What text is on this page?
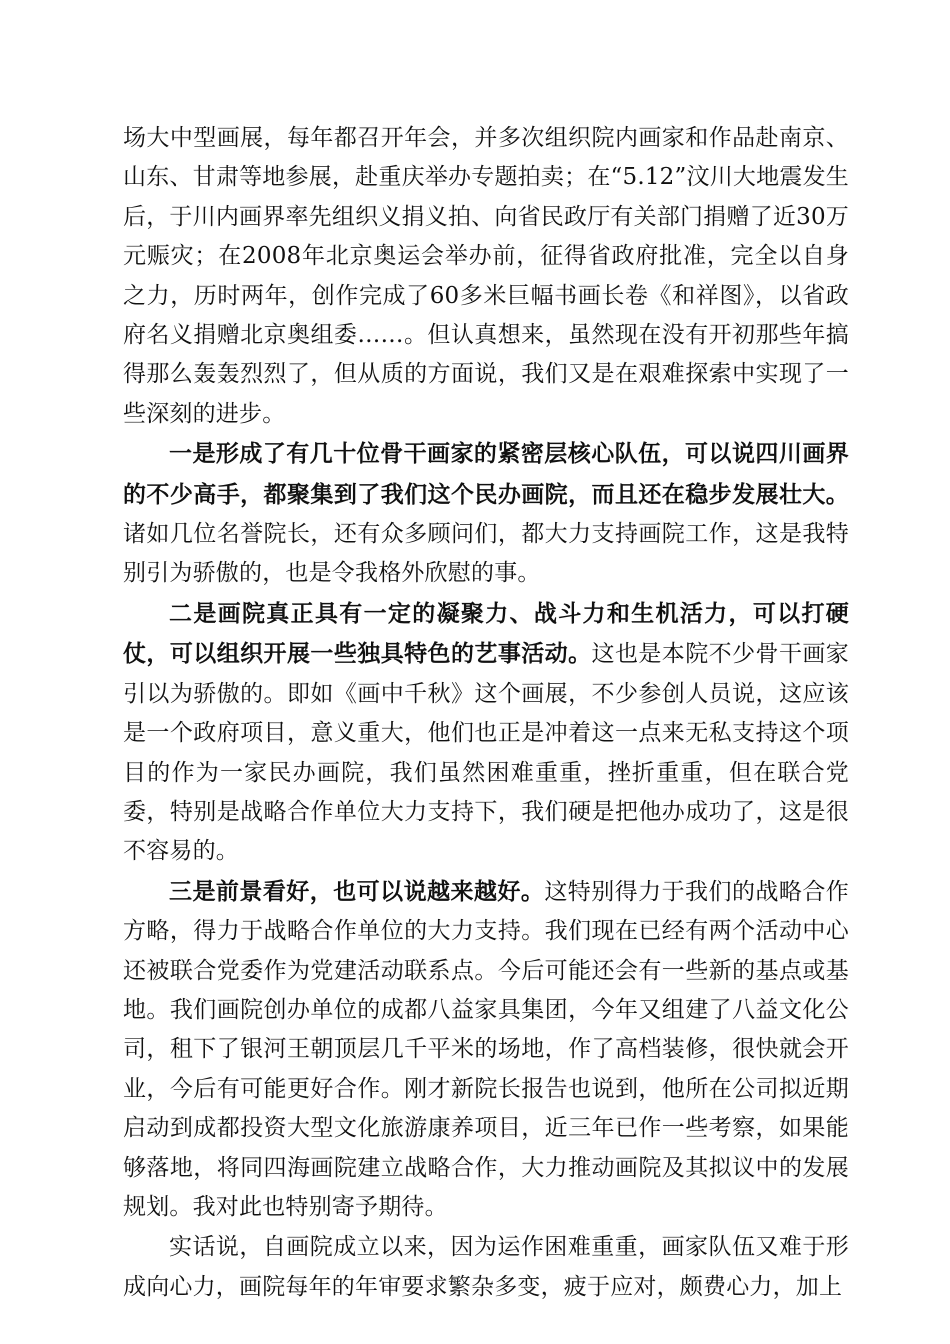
场大中型画展，每年都召开年会，并多次组织院内画家和作品赴南京、山东、甘肃等地参展，赴重庆举办专题拍卖；在“5.12”汶川大地震发生后，于川内画界率先组织义捐义拍、向省民政厅有关部门捐赠了近30万元赈灾；在2008年北京奥运会举办前，征得省政府批准，完全以自身之力，历时两年，创作完成了60多米巨幅书画长卷《和祥图》，以省政府名义捐赠北京奥组委……。但认真想来，虽然现在没有开初那些年搞得那么轰轰烈烈了，但从质的方面说，我们又是在艰难探索中实现了一些深刻的进步。

一是形成了有几十位骨干画家的紧密层核心队伍，可以说四川画界的不少高手，都聚集到了我们这个民办画院，而且还在稳步发展壮大。诸如几位名誉院长，还有众多顾问们，都大力支持画院工作，这是我特别引为骄傲的，也是令我格外欣慰的事。

二是画院真正具有一定的凝聚力、战斗力和生机活力，可以打硬仗，可以组织开展一些独具特色的艺事活动。这也是本院不少骨干画家引以为骄傲的。即如《画中千秋》这个画展，不少参创人员说，这应该是一个政府项目，意义重大，他们也正是冲着这一点来无私支持这个项目的作为一家民办画院，我们虽然困难重重，挫折重重，但在联合党委，特别是战略合作单位大力支持下，我们硬是把他办成功了，这是很不容易的。

三是前景看好，也可以说越来越好。这特别得力于我们的战略合作方略，得力于战略合作单位的大力支持。我们现在已经有两个活动中心还被联合党委作为党建活动联系点。今后可能还会有一些新的基点或基地。我们画院创办单位的成都八益家具集团，今年又组建了八益文化公司，租下了银河王朝顶层几千平米的场地，作了高档装修，很快就会开业，今后有可能更好合作。刚才新院长报告也说到，他所在公司拟近期启动到成都投资大型文化旅游康养项目，近三年已作一些考察，如果能够落地，将同四海画院建立战略合作，大力推动画院及其拟议中的发展规划。我对此也特别寄予期待。

实话说，自画院成立以来，因为运作困难重重，画家队伍又难于形成向心力，画院每年的年审要求繁杂多变，疲于应对，颇费心力，加上
